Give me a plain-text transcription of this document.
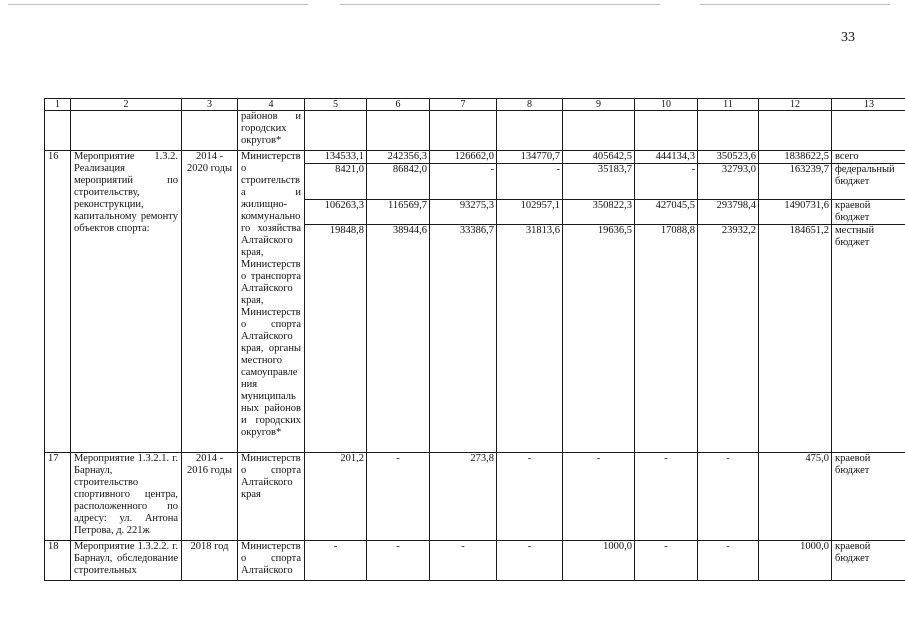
33
1	2	3	4	5	6	7	8	9	10	11	12	13
			районов и городских округов*									
16	Мероприятие 1.3.2. Реализация мероприятий по строительству, реконструкции, капитальному ремонту объектов спорта:	2014 - 2020 годы	Министерство строительства и жилищно-коммунального хозяйства Алтайского края, Министерство транспорта Алтайского края, Министерство спорта Алтайского края, органы местного самоуправления муниципальных районов и городских округов*	134533,1	242356,3	126662,0	134770,7	405642,5	444134,3	350523,6	1838622,5	всего
				8421,0	86842,0	-	-	35183,7	-	32793,0	163239,7	федеральный бюджет
				106263,3	116569,7	93275,3	102957,1	350822,3	427045,5	293798,4	1490731,6	краевой бюджет
				19848,8	38944,6	33386,7	31813,6	19636,5	17088,8	23932,2	184651,2	местный бюджет
17	Мероприятие 1.3.2.1. г. Барнаул, строительство спортивного центра, расположенного по адресу: ул. Антона Петрова, д. 221ж	2014 - 2016 годы	Министерство спорта Алтайского края	201,2	-	273,8	-	-	-	-	475,0	краевой бюджет
18	Мероприятие 1.3.2.2. г. Барнаул, обследование строительных	2018 год	Министерство спорта Алтайского	-	-	-	-	1000,0	-	-	1000,0	краевой бюджет
